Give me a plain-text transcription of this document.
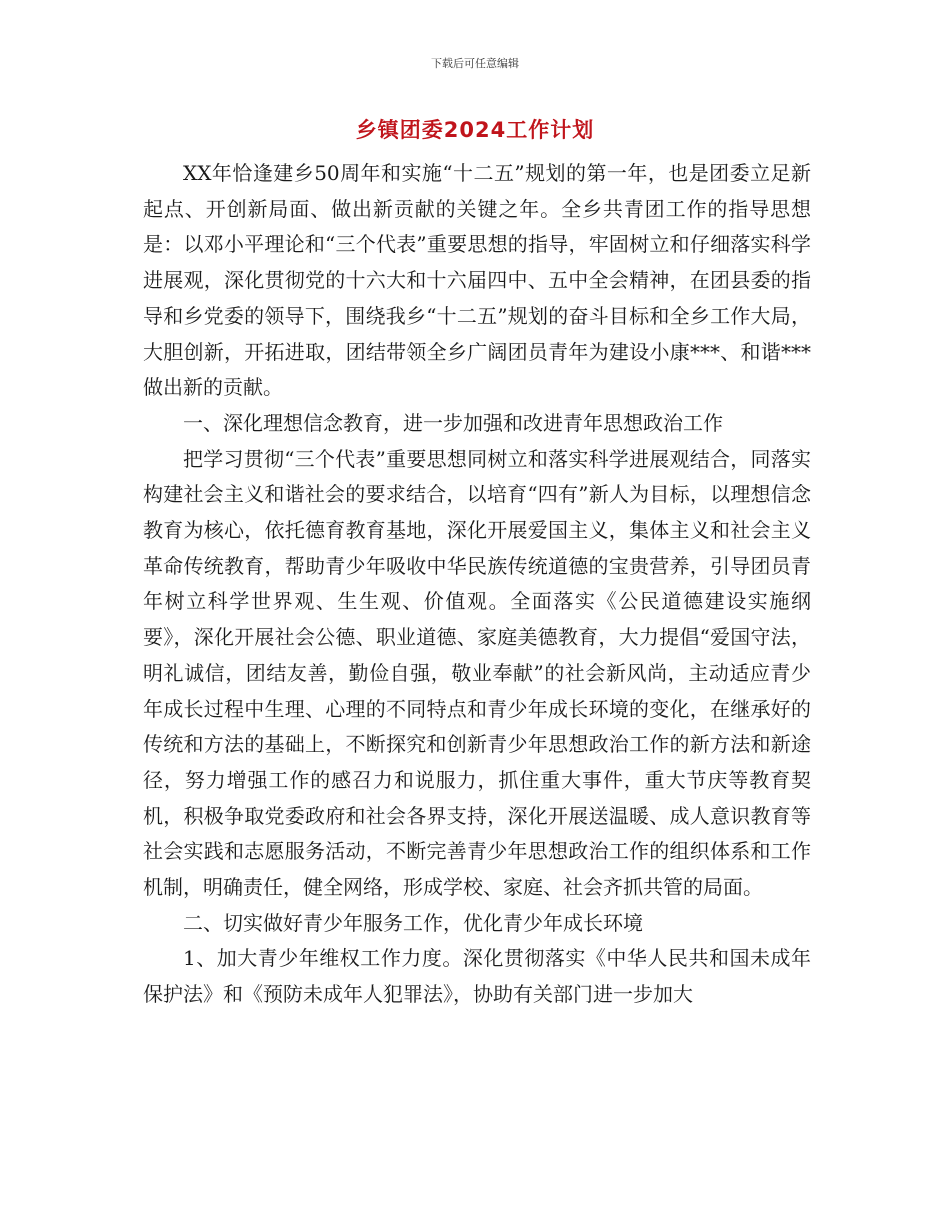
下载后可任意编辑
乡镇团委2024工作计划

XX年恰逢建乡50周年和实施“十二五”规划的第一年，也是团委立足新起点、开创新局面、做出新贡献的关键之年。全乡共青团工作的指导思想是：以邓小平理论和“三个代表”重要思想的指导，牢固树立和仔细落实科学进展观，深化贯彻党的十六大和十六届四中、五中全会精神，在团县委的指导和乡党委的领导下，围绕我乡“十二五”规划的奋斗目标和全乡工作大局，大胆创新，开拓进取，团结带领全乡广阔团员青年为建设小康***、和谐***做出新的贡献。

一、深化理想信念教育，进一步加强和改进青年思想政治工作

把学习贯彻“三个代表”重要思想同树立和落实科学进展观结合，同落实构建社会主义和谐社会的要求结合，以培育“四有”新人为目标，以理想信念教育为核心，依托德育教育基地，深化开展爱国主义，集体主义和社会主义革命传统教育，帮助青少年吸收中华民族传统道德的宝贵营养，引导团员青年树立科学世界观、生生观、价值观。全面落实《公民道德建设实施纲要》，深化开展社会公德、职业道德、家庭美德教育，大力提倡“爱国守法，明礼诚信，团结友善，勤俭自强，敬业奉献”的社会新风尚，主动适应青少年成长过程中生理、心理的不同特点和青少年成长环境的变化，在继承好的传统和方法的基础上，不断探究和创新青少年思想政治工作的新方法和新途径，努力增强工作的感召力和说服力，抓住重大事件，重大节庆等教育契机，积极争取党委政府和社会各界支持，深化开展送温暖、成人意识教育等社会实践和志愿服务活动，不断完善青少年思想政治工作的组织体系和工作机制，明确责任，健全网络，形成学校、家庭、社会齐抓共管的局面。

二、切实做好青少年服务工作，优化青少年成长环境

1、加大青少年维权工作力度。深化贯彻落实《中华人民共和国未成年保护法》和《预防未成年人犯罪法》，协助有关部门进一步加大
